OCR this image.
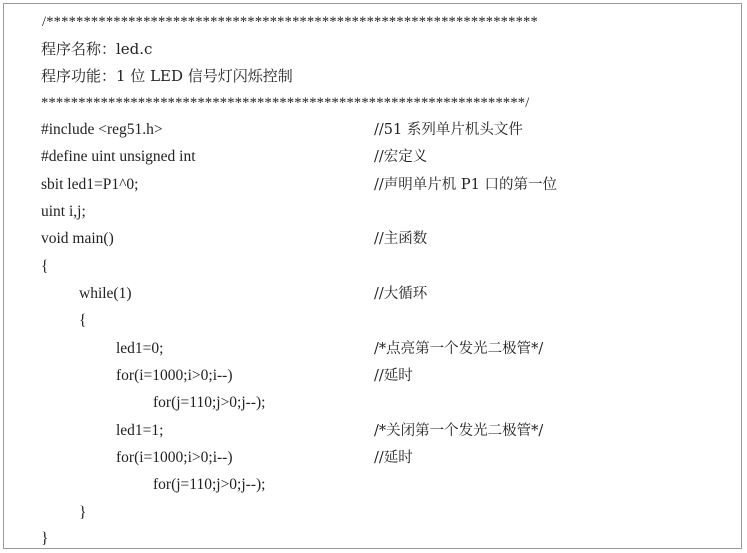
/******************************************************************
程序名称：led.c
程序功能：1 位 LED 信号灯闪烁控制
*****************************************************************/
#include <reg51.h>	//51 系列单片机头文件
#define uint unsigned int	//宏定义
sbit led1=P1^0;	//声明单片机 P1 口的第一位
uint i,j;
void main()	//主函数
{
while(1)	//大循环
{
led1=0;	/*点亮第一个发光二极管*/
for(i=1000;i>0;i--)	//延时
for(j=110;j>0;j--);
led1=1;	/*关闭第一个发光二极管*/
for(i=1000;i>0;i--)	//延时
for(j=110;j>0;j--);
}
}
